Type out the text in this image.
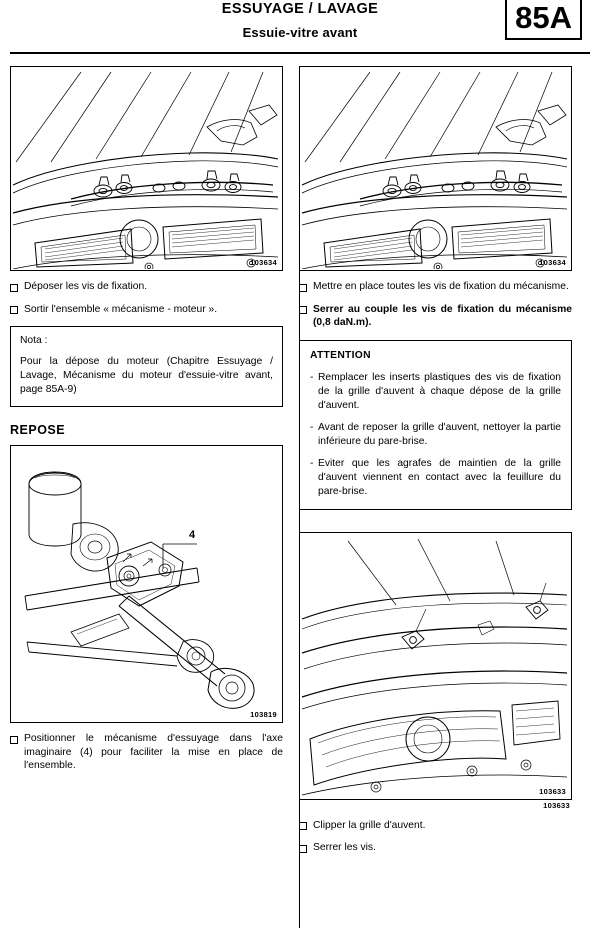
ESSUYAGE / LAVAGE
Essuie-vitre avant	85A
103634
Déposer les vis de fixation.
Sortir l'ensemble « mécanisme - moteur ».
Nota :
Pour la dépose du moteur (Chapitre Essuyage / Lavage, Mécanisme du moteur d'essuie-vitre avant, page 85A-9)
REPOSE
4
103819
Positionner le mécanisme d'essuyage dans l'axe imaginaire (4) pour faciliter la mise en place de l'ensemble.
103634
Mettre en place toutes les vis de fixation du mécanisme.
Serrer au couple les vis de fixation du mécanisme (0,8 daN.m).
ATTENTION
- Remplacer les inserts plastiques des vis de fixation de la grille d'auvent à chaque dépose de la grille d'auvent.
- Avant de reposer la grille d'auvent, nettoyer la partie inférieure du pare-brise.
- Eviter que les agrafes de maintien de la grille d'auvent viennent en contact avec la feuillure du pare-brise.
103633
103633
Clipper la grille d'auvent.
Serrer les vis.
